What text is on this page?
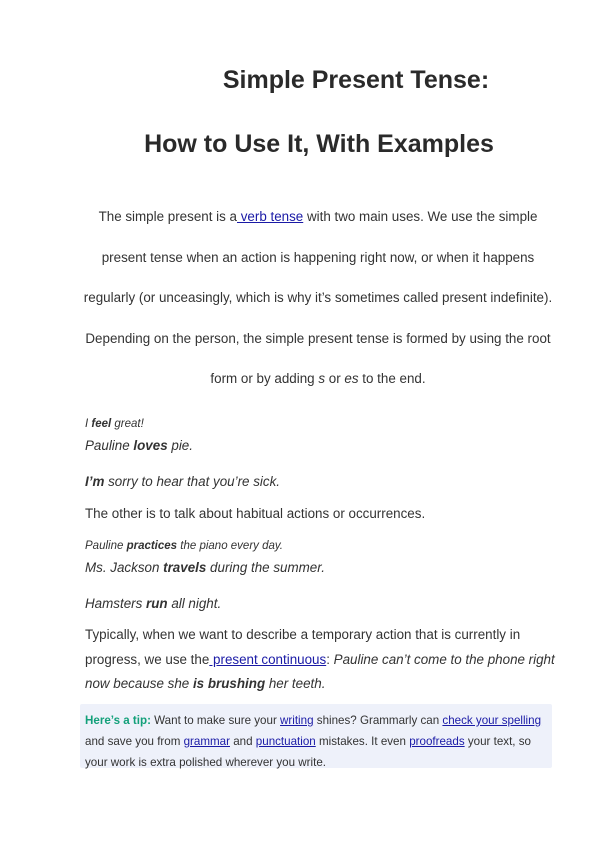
Simple Present Tense:
How to Use It, With Examples
The simple present is a verb tense with two main uses. We use the simple present tense when an action is happening right now, or when it happens regularly (or unceasingly, which is why it’s sometimes called present indefinite). Depending on the person, the simple present tense is formed by using the root form or by adding s or es to the end.
I feel great!
Pauline loves pie.
I’m sorry to hear that you’re sick.
The other is to talk about habitual actions or occurrences.
Pauline practices the piano every day.
Ms. Jackson travels during the summer.
Hamsters run all night.
Typically, when we want to describe a temporary action that is currently in progress, we use the present continuous: Pauline can’t come to the phone right now because she is brushing her teeth.
Here’s a tip: Want to make sure your writing shines? Grammarly can check your spelling and save you from grammar and punctuation mistakes. It even proofreads your text, so your work is extra polished wherever you write.
